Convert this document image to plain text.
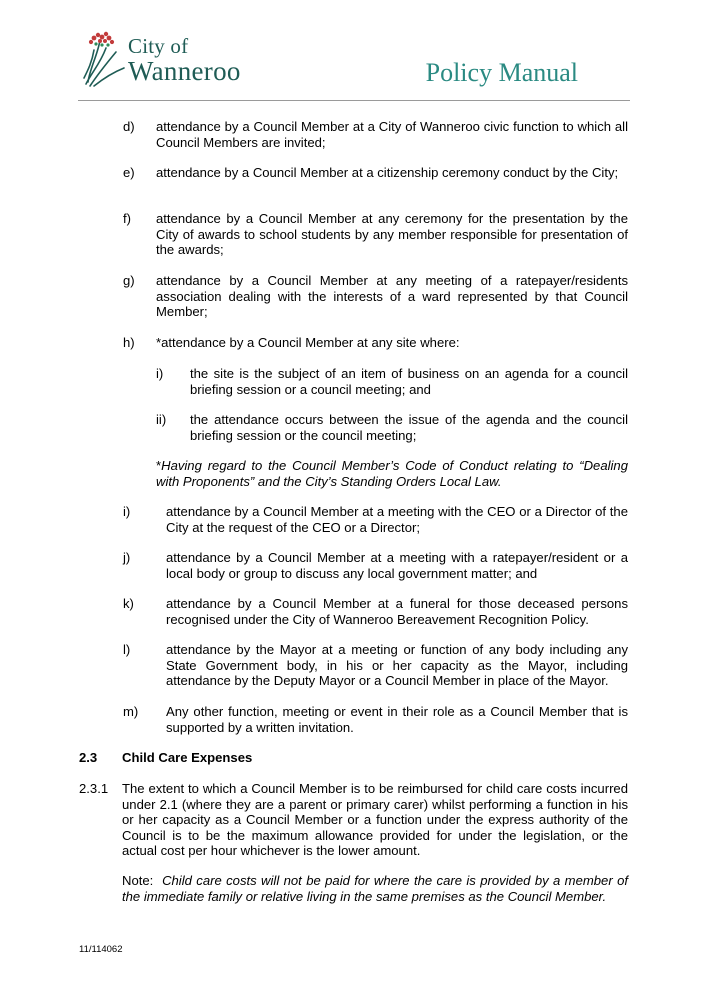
City of
Wanneroo	Policy Manual
d) attendance by a Council Member at a City of Wanneroo civic function to which all Council Members are invited;
e) attendance by a Council Member at a citizenship ceremony conduct by the City;
f) attendance by a Council Member at any ceremony for the presentation by the City of awards to school students by any member responsible for presentation of the awards;
g) attendance by a Council Member at any meeting of a ratepayer/residents association dealing with the interests of a ward represented by that Council Member;
h) *attendance by a Council Member at any site where:
i) the site is the subject of an item of business on an agenda for a council briefing session or a council meeting; and
ii) the attendance occurs between the issue of the agenda and the council briefing session or the council meeting;
*Having regard to the Council Member’s Code of Conduct relating to “Dealing with Proponents” and the City’s Standing Orders Local Law.
i)	attendance by a Council Member at a meeting with the CEO or a Director of the City at the request of the CEO or a Director;
j)	attendance by a Council Member at a meeting with a ratepayer/resident or a local body or group to discuss any local government matter; and
k) attendance by a Council Member at a funeral for those deceased persons recognised under the City of Wanneroo Bereavement Recognition Policy.
l)	attendance by the Mayor at a meeting or function of any body including any State Government body, in his or her capacity as the Mayor, including attendance by the Deputy Mayor or a Council Member in place of the Mayor.
m) Any other function, meeting or event in their role as a Council Member that is supported by a written invitation.
2.3 Child Care Expenses
2.3.1 The extent to which a Council Member is to be reimbursed for child care costs incurred under 2.1 (where they are a parent or primary carer) whilst performing a function in his or her capacity as a Council Member or a function under the express authority of the Council is to be the maximum allowance provided for under the legislation, or the actual cost per hour whichever is the lower amount.
Note: Child care costs will not be paid for where the care is provided by a member of the immediate family or relative living in the same premises as the Council Member.
11/114062
